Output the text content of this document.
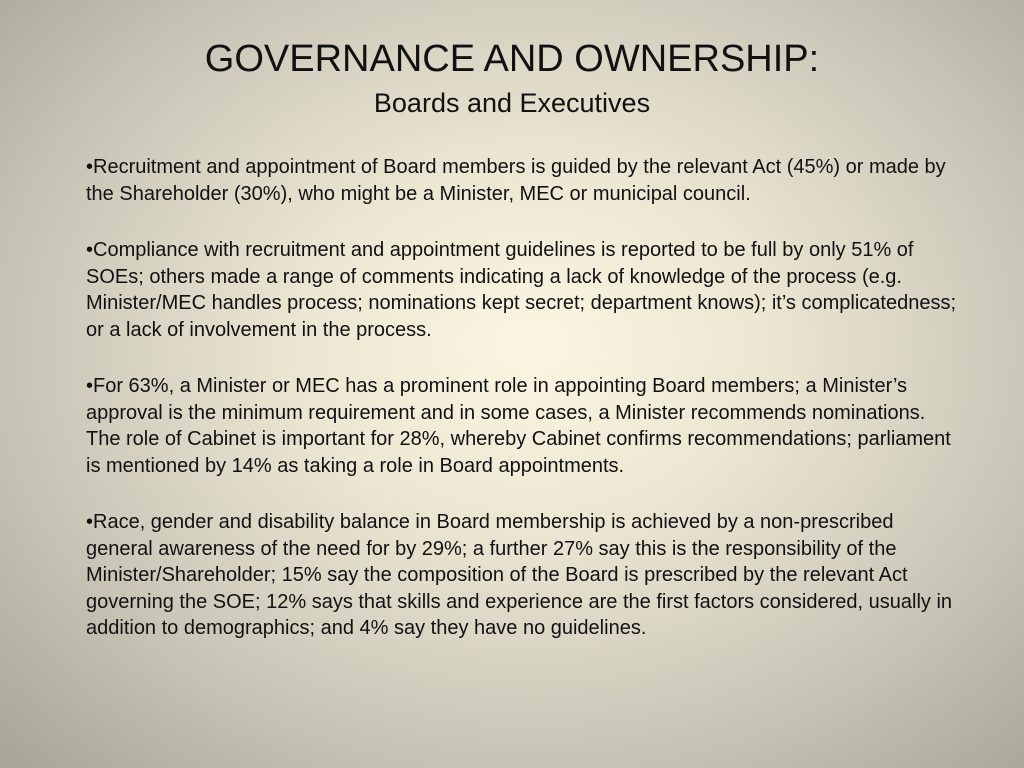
GOVERNANCE AND OWNERSHIP:
Boards and Executives

•Recruitment and appointment of Board members is guided by the relevant Act (45%) or made by the Shareholder (30%), who might be a Minister, MEC or municipal council.

•Compliance with recruitment and appointment guidelines is reported to be full by only 51% of SOEs; others made a range of comments indicating a lack of knowledge of the process (e.g. Minister/MEC handles process; nominations kept secret; department knows); it’s complicatedness; or a lack of involvement in the process.

•For 63%, a Minister or MEC has a prominent role in appointing Board members; a Minister’s approval is the minimum requirement and in some cases, a Minister recommends nominations. The role of Cabinet is important for 28%, whereby Cabinet confirms recommendations; parliament is mentioned by 14% as taking a role in Board appointments.

•Race, gender and disability balance in Board membership is achieved by a non-prescribed general awareness of the need for by 29%; a further 27% say this is the responsibility of the Minister/Shareholder; 15% say the composition of the Board is prescribed by the relevant Act governing the SOE; 12% says that skills and experience are the first factors considered, usually in addition to demographics; and 4% say they have no guidelines.
